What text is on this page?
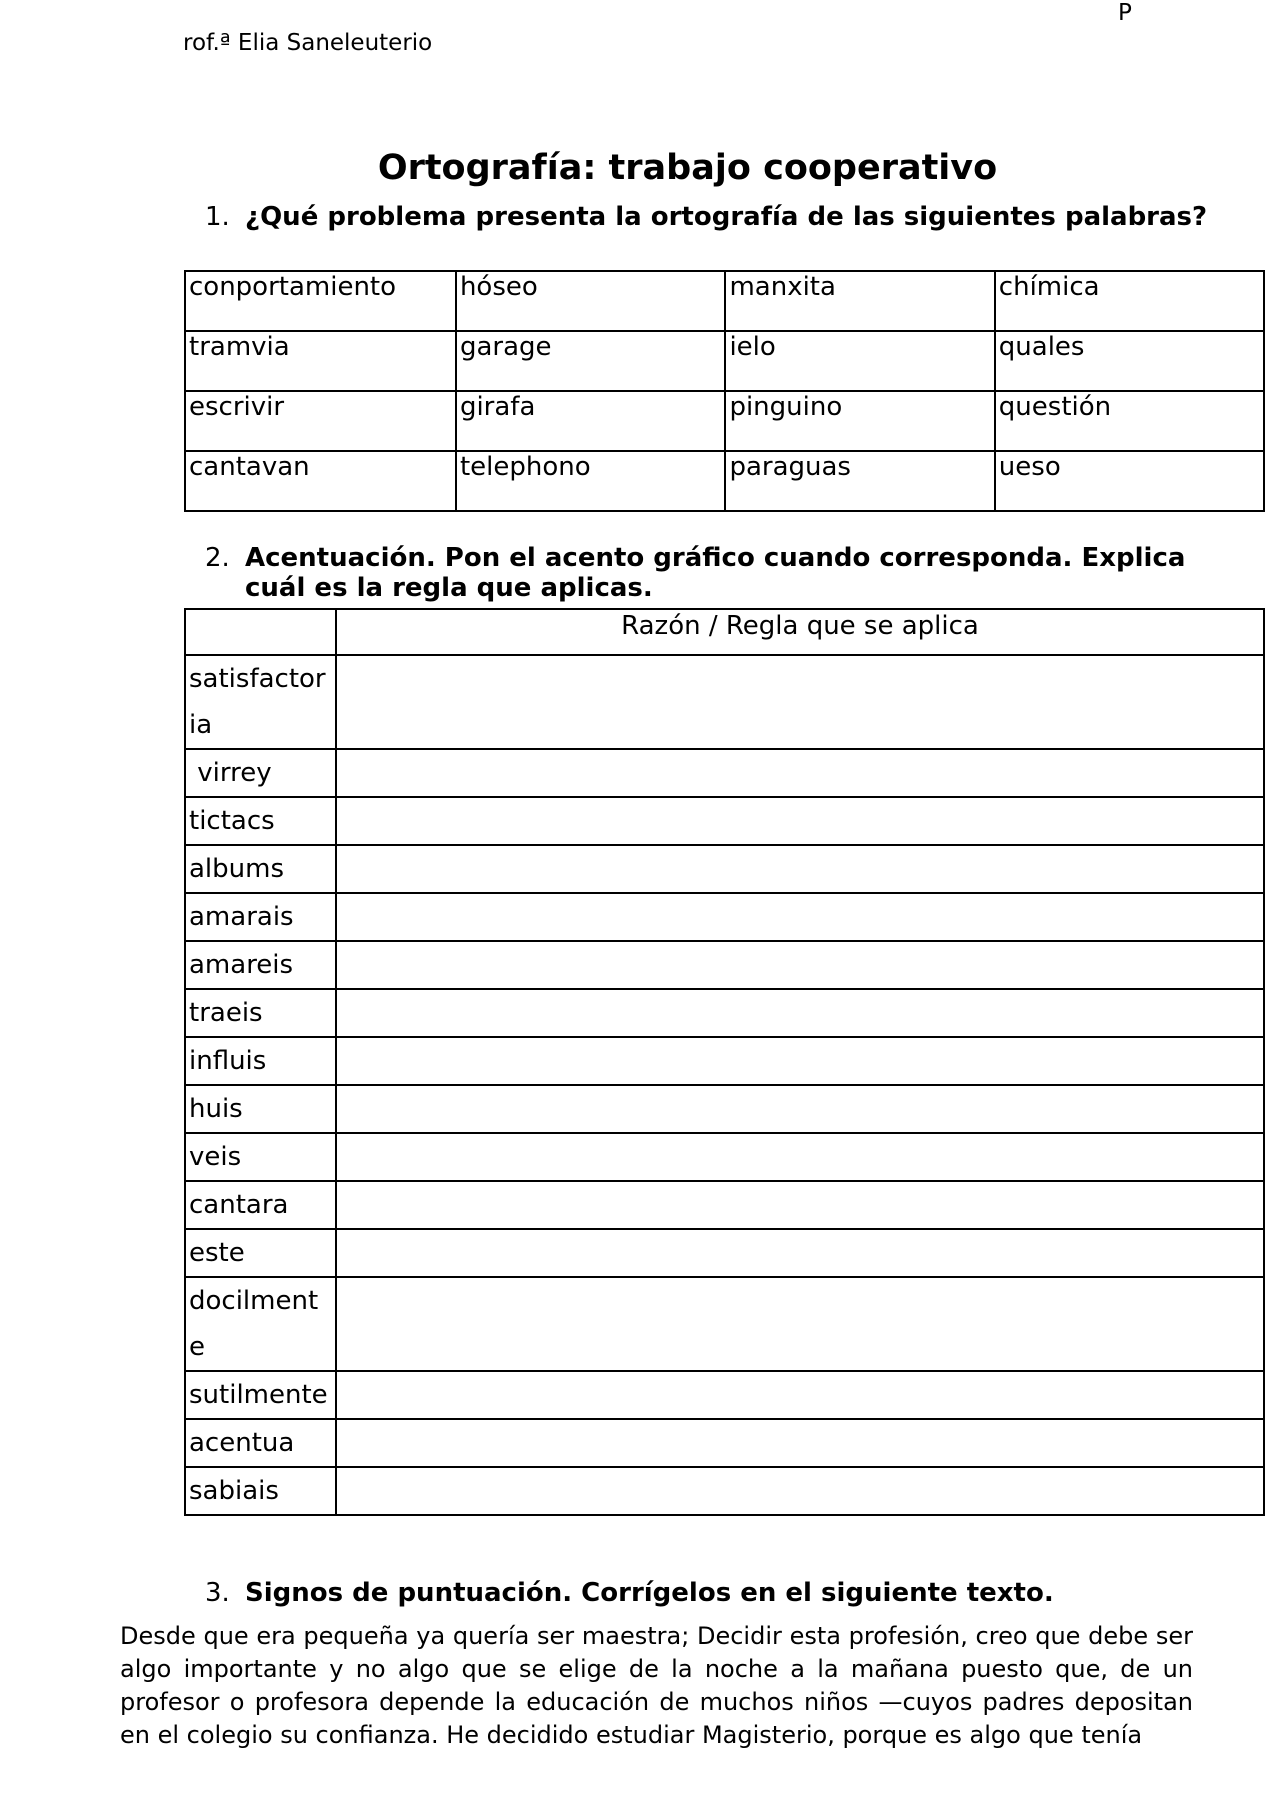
rof.ª Elia Saneleuterio
P
Ortografía: trabajo cooperativo
1. ¿Qué problema presenta la ortografía de las siguientes palabras?
conportamiento	hóseo	manxita	chímica
tramvia	garage	ielo	quales
escrivir	girafa	pinguino	questión
cantavan	telephono	paraguas	ueso
2. Acentuación. Pon el acento gráfico cuando corresponda. Explica cuál es la regla que aplicas.
	Razón / Regla que se aplica
satisfactoria	
virrey	
tictacs	
albums	
amarais	
amareis	
traeis	
influis	
huis	
veis	
cantara	
este	
docilmente	
sutilmente	
acentua	
sabiais	
3. Signos de puntuación. Corrígelos en el siguiente texto.
Desde que era pequeña ya quería ser maestra; Decidir esta profesión, creo que debe ser algo importante y no algo que se elige de la noche a la mañana puesto que, de un profesor o profesora depende la educación de muchos niños —cuyos padres depositan en el colegio su confianza. He decidido estudiar Magisterio, porque es algo que tenía
